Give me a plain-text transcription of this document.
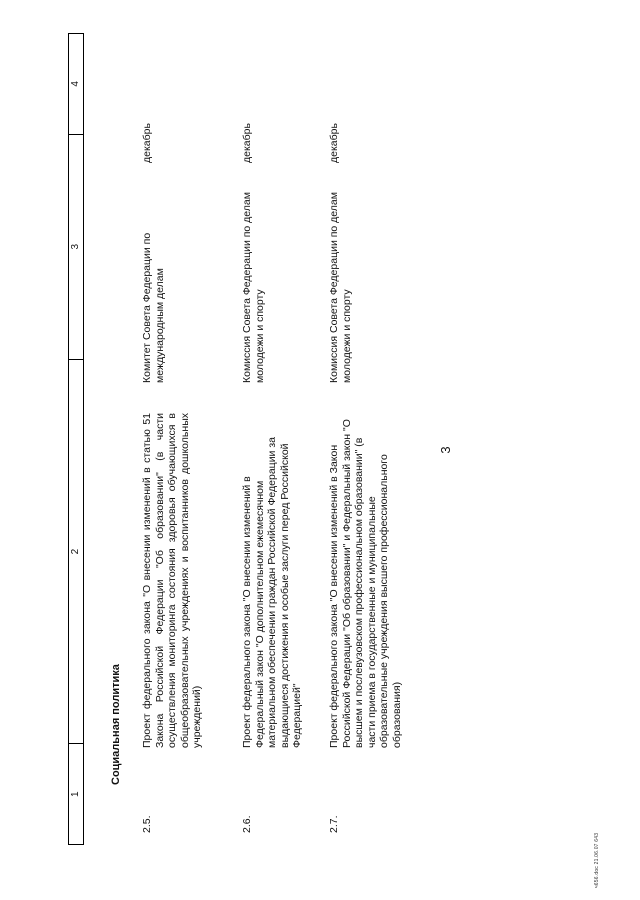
3
1
2
3
4
Социальная политика
2.5.
Проект федерального закона "О внесении изменений в статью 51 Закона Российской Федерации "Об образовании" (в части осуществления мониторинга состояния здоровья обучающихся в общеобразовательных учреждениях и воспитанников дошкольных учреждений)
Комитет Совета Федерации по международным делам
декабрь
2.6.
Проект федерального закона "О внесении изменений в Федеральный закон "О дополнительном ежемесячном материальном обеспечении граждан Российской Федерации за выдающиеся достижения и особые заслуги перед Российской Федерацией"
Комиссия Совета Федерации по делам молодежи и спорту
декабрь
2.7.
Проект федерального закона "О внесении изменений в Закон Российской Федерации "Об образовании" и Федеральный закон "О высшем и послевузовском профессиональном образовании" (в части приема в государственные и муниципальные образовательные учреждения высшего профессионального образования)
Комиссия Совета Федерации по делам молодежи и спорту
декабрь
ч656.doc 21.06.07 643
